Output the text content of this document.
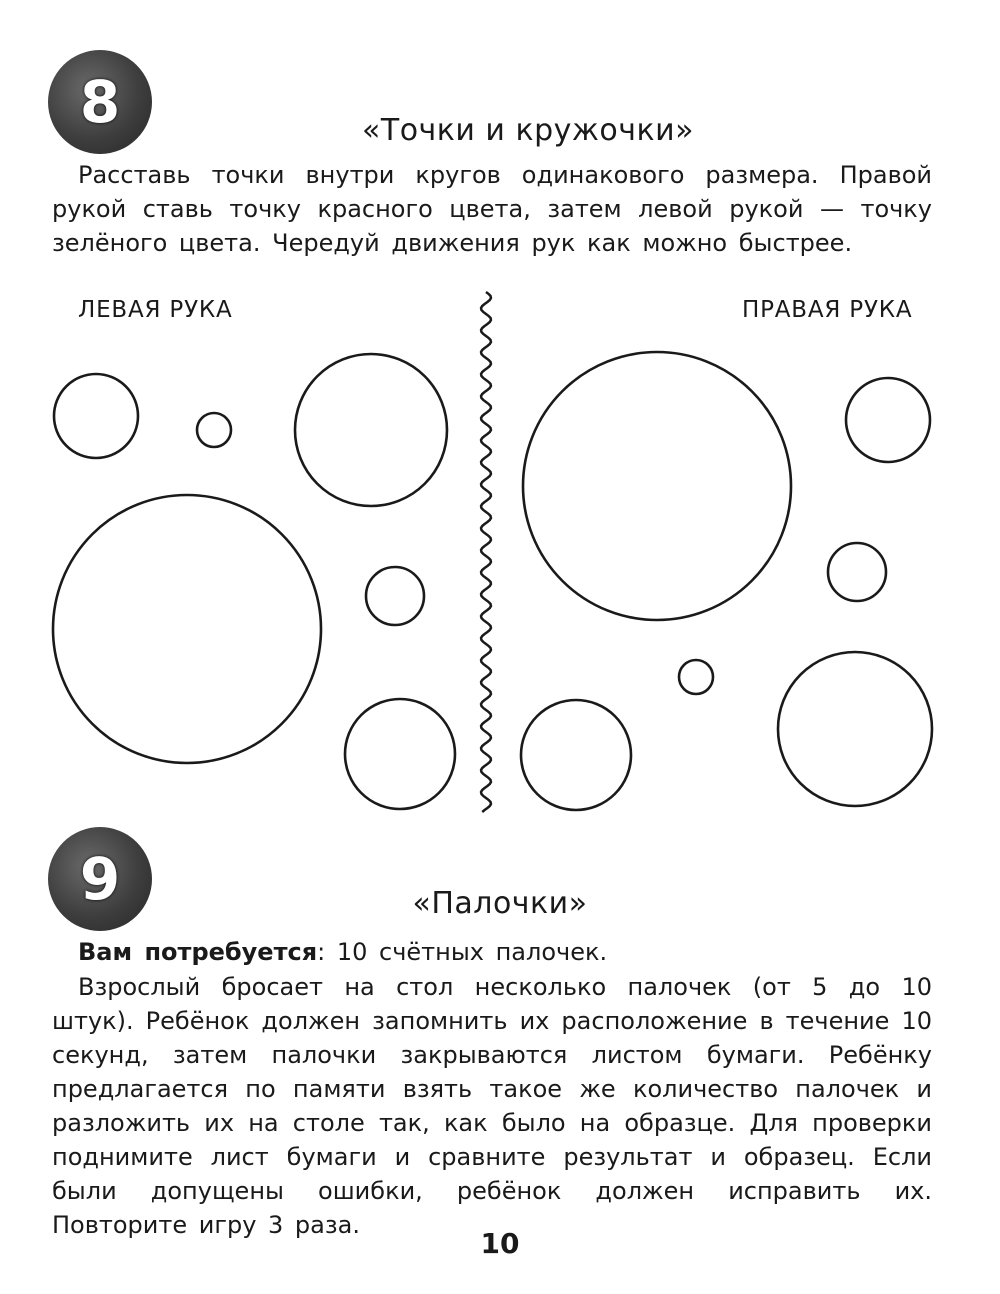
8	«Точки и кружочки»
Расставь точки внутри кругов одинакового размера. Правой рукой ставь точку красного цвета, затем левой рукой — точку зелёного цвета. Чередуй движения рук как можно быстрее.
ЛЕВАЯ РУКА	ПРАВАЯ РУКА
9	«Палочки»
Вам потребуется: 10 счётных палочек.
Взрослый бросает на стол несколько палочек (от 5 до 10 штук). Ребёнок должен запомнить их расположение в течение 10 секунд, затем палочки закрываются листом бумаги. Ребёнку предлагается по памяти взять такое же количество палочек и разложить их на столе так, как было на образце. Для проверки поднимите лист бумаги и сравните результат и образец. Если были допущены ошибки, ребёнок должен исправить их. Повторите игру 3 раза.
10
